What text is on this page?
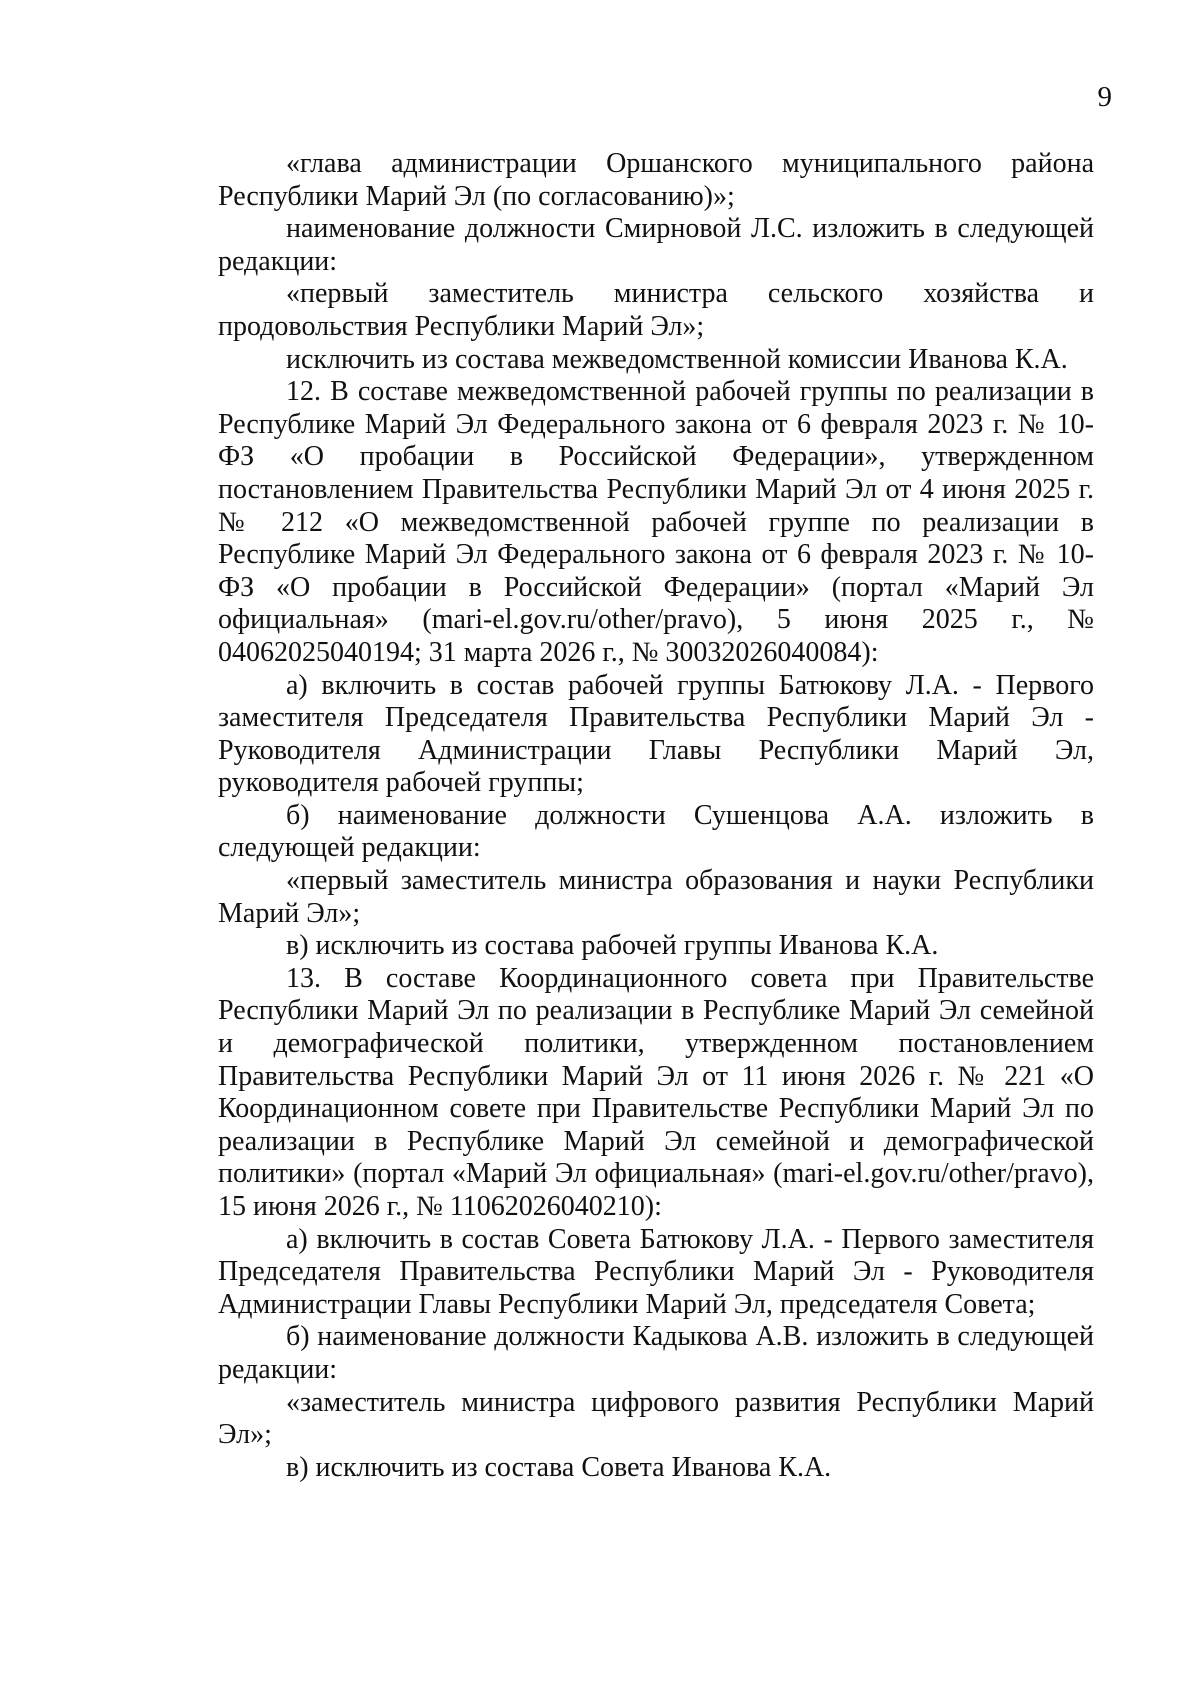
9

«глава администрации Оршанского муниципального района Республики Марий Эл (по согласованию)»;

наименование должности Смирновой Л.С. изложить в следующей редакции:

«первый заместитель министра сельского хозяйства и продовольствия Республики Марий Эл»;

исключить из состава межведомственной комиссии Иванова К.А.

12. В составе межведомственной рабочей группы по реализации в Республике Марий Эл Федерального закона от 6 февраля 2023 г. № 10-ФЗ «О пробации в Российской Федерации», утвержденном постановлением Правительства Республики Марий Эл от 4 июня 2025 г. № 212 «О межведомственной рабочей группе по реализации в Республике Марий Эл Федерального закона от 6 февраля 2023 г. № 10-ФЗ «О пробации в Российской Федерации» (портал «Марий Эл официальная» (mari-el.gov.ru/other/pravo), 5 июня 2025 г., № 04062025040194; 31 марта 2026 г., № 30032026040084):

а) включить в состав рабочей группы Батюкову Л.А. - Первого заместителя Председателя Правительства Республики Марий Эл - Руководителя Администрации Главы Республики Марий Эл, руководителя рабочей группы;

б) наименование должности Сушенцова А.А. изложить в следующей редакции:

«первый заместитель министра образования и науки Республики Марий Эл»;

в) исключить из состава рабочей группы Иванова К.А.

13. В составе Координационного совета при Правительстве Республики Марий Эл по реализации в Республике Марий Эл семейной и демографической политики, утвержденном постановлением Правительства Республики Марий Эл от 11 июня 2026 г. № 221 «О Координационном совете при Правительстве Республики Марий Эл по реализации в Республике Марий Эл семейной и демографической политики» (портал «Марий Эл официальная» (mari-el.gov.ru/other/pravo), 15 июня 2026 г., № 11062026040210):

а) включить в состав Совета Батюкову Л.А. - Первого заместителя Председателя Правительства Республики Марий Эл - Руководителя Администрации Главы Республики Марий Эл, председателя Совета;

б) наименование должности Кадыкова А.В. изложить в следующей редакции:

«заместитель министра цифрового развития Республики Марий Эл»;

в) исключить из состава Совета Иванова К.А.
